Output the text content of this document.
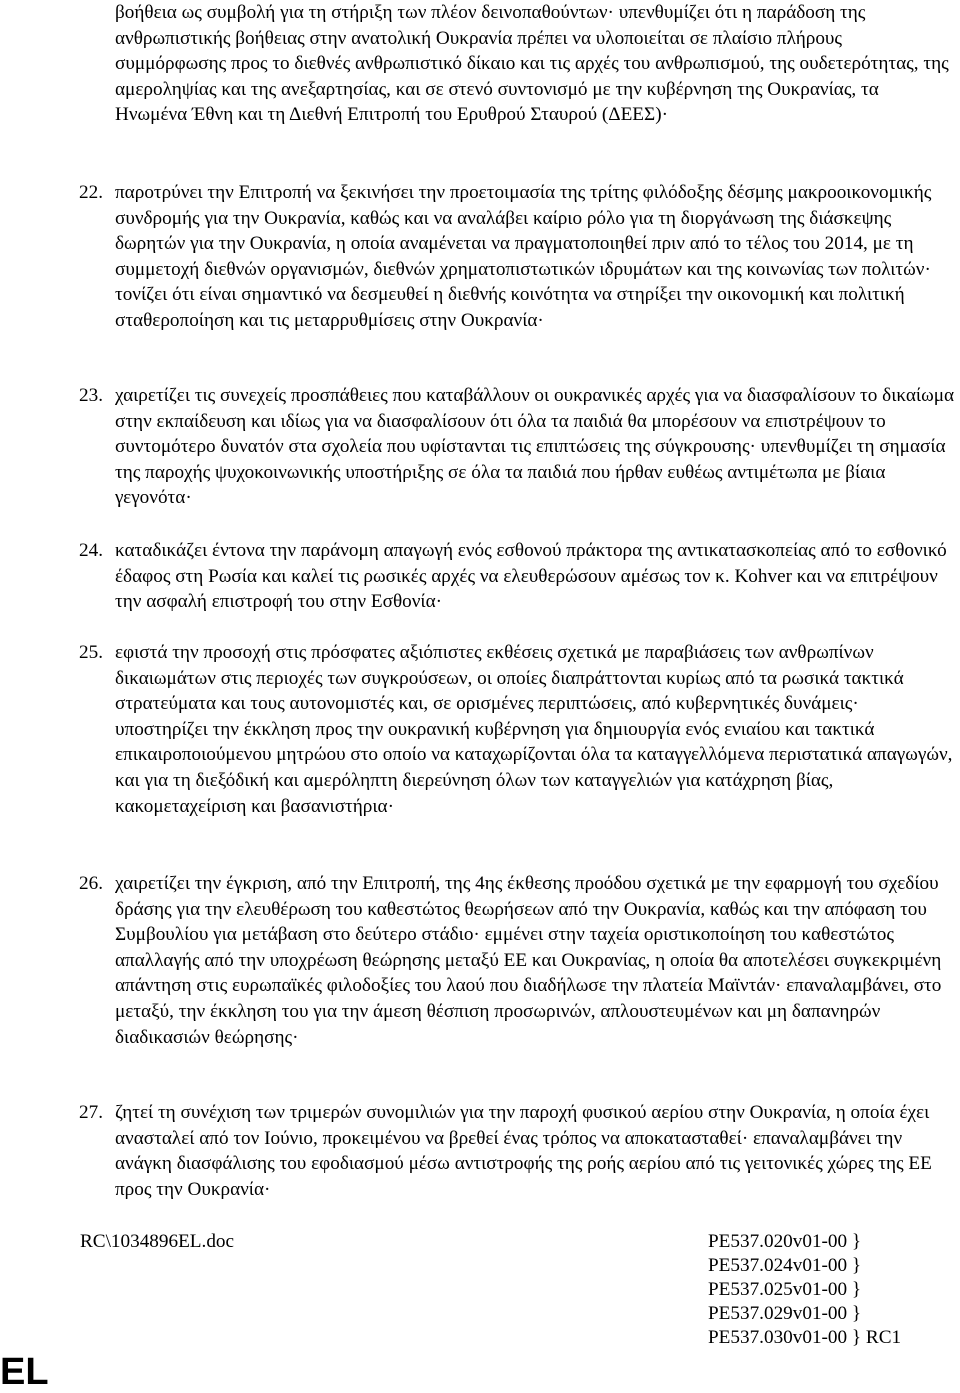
βοήθεια ως συμβολή για τη στήριξη των πλέον δεινοπαθούντων· υπενθυμίζει ότι η παράδοση της ανθρωπιστικής βοήθειας στην ανατολική Ουκρανία πρέπει να υλοποιείται σε πλαίσιο πλήρους συμμόρφωσης προς το διεθνές ανθρωπιστικό δίκαιο και τις αρχές του ανθρωπισμού, της ουδετερότητας, της αμεροληψίας και της ανεξαρτησίας, και σε στενό συντονισμό με την κυβέρνηση της Ουκρανίας, τα Ηνωμένα Έθνη και τη Διεθνή Επιτροπή του Ερυθρού Σταυρού (ΔΕΕΣ)·

22. παροτρύνει την Επιτροπή να ξεκινήσει την προετοιμασία της τρίτης φιλόδοξης δέσμης μακροοικονομικής συνδρομής για την Ουκρανία, καθώς και να αναλάβει καίριο ρόλο για τη διοργάνωση της διάσκεψης δωρητών για την Ουκρανία, η οποία αναμένεται να πραγματοποιηθεί πριν από το τέλος του 2014, με τη συμμετοχή διεθνών οργανισμών, διεθνών χρηματοπιστωτικών ιδρυμάτων και της κοινωνίας των πολιτών· τονίζει ότι είναι σημαντικό να δεσμευθεί η διεθνής κοινότητα να στηρίξει την οικονομική και πολιτική σταθεροποίηση και τις μεταρρυθμίσεις στην Ουκρανία·

23. χαιρετίζει τις συνεχείς προσπάθειες που καταβάλλουν οι ουκρανικές αρχές για να διασφαλίσουν το δικαίωμα στην εκπαίδευση και ιδίως για να διασφαλίσουν ότι όλα τα παιδιά θα μπορέσουν να επιστρέψουν το συντομότερο δυνατόν στα σχολεία που υφίστανται τις επιπτώσεις της σύγκρουσης· υπενθυμίζει τη σημασία της παροχής ψυχοκοινωνικής υποστήριξης σε όλα τα παιδιά που ήρθαν ευθέως αντιμέτωπα με βίαια γεγονότα·

24. καταδικάζει έντονα την παράνομη απαγωγή ενός εσθονού πράκτορα της αντικατασκοπείας από το εσθονικό έδαφος στη Ρωσία και καλεί τις ρωσικές αρχές να ελευθερώσουν αμέσως τον κ. Kohver και να επιτρέψουν την ασφαλή επιστροφή του στην Εσθονία·

25. εφιστά την προσοχή στις πρόσφατες αξιόπιστες εκθέσεις σχετικά με παραβιάσεις των ανθρωπίνων δικαιωμάτων στις περιοχές των συγκρούσεων, οι οποίες διαπράττονται κυρίως από τα ρωσικά τακτικά στρατεύματα και τους αυτονομιστές και, σε ορισμένες περιπτώσεις, από κυβερνητικές δυνάμεις· υποστηρίζει την έκκληση προς την ουκρανική κυβέρνηση για δημιουργία ενός ενιαίου και τακτικά επικαιροποιούμενου μητρώου στο οποίο να καταχωρίζονται όλα τα καταγγελλόμενα περιστατικά απαγωγών, και για τη διεξόδική και αμερόληπτη διερεύνηση όλων των καταγγελιών για κατάχρηση βίας, κακομεταχείριση και βασανιστήρια·

26. χαιρετίζει την έγκριση, από την Επιτροπή, της 4ης έκθεσης προόδου σχετικά με την εφαρμογή του σχεδίου δράσης για την ελευθέρωση του καθεστώτος θεωρήσεων από την Ουκρανία, καθώς και την απόφαση του Συμβουλίου για μετάβαση στο δεύτερο στάδιο· εμμένει στην ταχεία οριστικοποίηση του καθεστώτος απαλλαγής από την υποχρέωση θεώρησης μεταξύ ΕΕ και Ουκρανίας, η οποία θα αποτελέσει συγκεκριμένη απάντηση στις ευρωπαϊκές φιλοδοξίες του λαού που διαδήλωσε την πλατεία Μαϊντάν· επαναλαμβάνει, στο μεταξύ, την έκκληση του για την άμεση θέσπιση προσωρινών, απλουστευμένων και μη δαπανηρών διαδικασιών θεώρησης·

27. ζητεί τη συνέχιση των τριμερών συνομιλιών για την παροχή φυσικού αερίου στην Ουκρανία, η οποία έχει ανασταλεί από τον Ιούνιο, προκειμένου να βρεθεί ένας τρόπος να αποκατασταθεί· επαναλαμβάνει την ανάγκη διασφάλισης του εφοδιασμού μέσω αντιστροφής της ροής αερίου από τις γειτονικές χώρες της ΕΕ προς την Ουκρανία·

RC\1034896EL.doc	PE537.020v01-00 }
PE537.024v01-00 }
PE537.025v01-00 }
PE537.029v01-00 }
PE537.030v01-00 } RC1
EL
